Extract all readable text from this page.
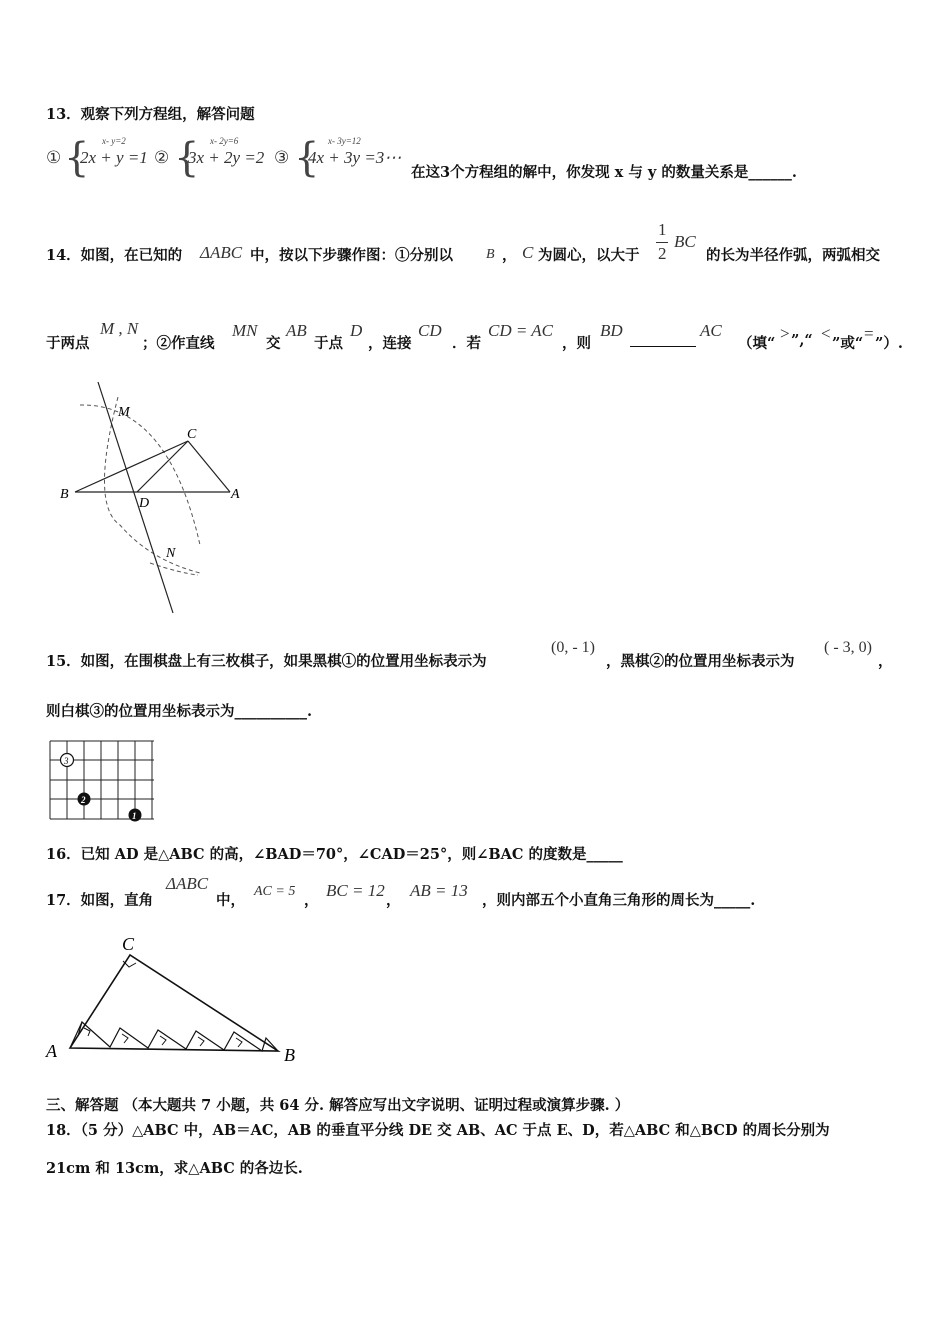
13．观察下列方程组，解答问题
① { x- y=2
2x + y =1 ② { x- 2y=6
3x + 2y =2 ③ { x- 3y=12
4x + 3y =3⋯
在这3个方程组的解中，你发现 x 与 y 的数量关系是______.
14．如图，在已知的 ΔABC 中，按以下步骤作图：①分别以 B ， C 为圆心，以大于
1
2
BC
的长为半径作弧，两弧相交
于两点
M , N
；②作直线
MN
交
AB
于点
D
，连接
CD
．若
CD = AC
，则
BD	AC
（填“
> ”,“ <
”或“
=
”）.
M
C
B
D
A
N
15．如图，在围棋盘上有三枚棋子，如果黑棋①的位置用坐标表示为
(0, - 1)
，黑棋②的位置用坐标表示为
( - 3, 0)
，
则白棋③的位置用坐标表示为__________.
3
2
1
16．已知 AD 是△ABC 的高，∠BAD＝70°，∠CAD＝25°，则∠BAC 的度数是_____
17．如图，直角
ΔABC
中，
AC = 5
，
BC = 12
，
AB = 13
，则内部五个小直角三角形的周长为_____.
C
A	B
三、解答题 （本大题共 7 小题，共 64 分. 解答应写出文字说明、证明过程或演算步骤. ）
18．（5 分）△ABC 中，AB＝AC，AB 的垂直平分线 DE 交 AB、AC 于点 E、D，若△ABC 和△BCD 的周长分别为
21cm 和 13cm，求△ABC 的各边长.
